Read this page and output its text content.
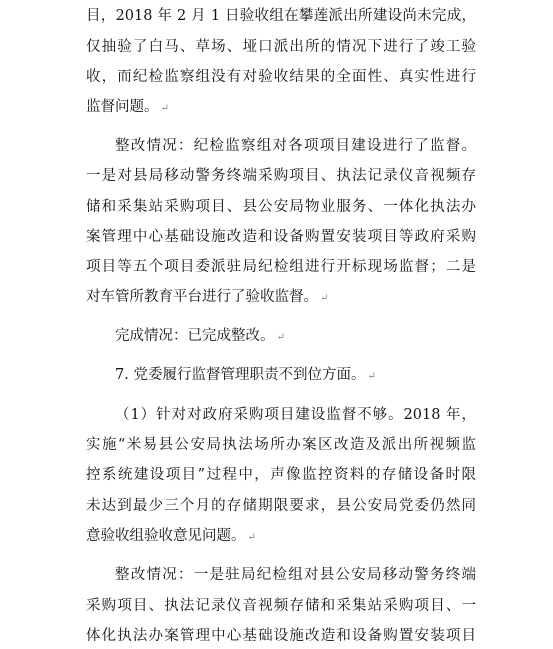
目，2018 年 2 月 1 日验收组在攀莲派出所建设尚未完成，
仅抽验了白马、草场、垭口派出所的情况下进行了竣工验
收，而纪检监察组没有对验收结果的全面性、真实性进行
监督问题。 ↵
整改情况：纪检监察组对各项项目建设进行了监督。
一是对县局移动警务终端采购项目、执法记录仪音视频存
储和采集站采购项目、县公安局物业服务、一体化执法办
案管理中心基础设施改造和设备购置安装项目等政府采购
项目等五个项目委派驻局纪检组进行开标现场监督；二是
对车管所教育平台进行了验收监督。 ↵
完成情况：已完成整改。 ↵
7. 党委履行监督管理职责不到位方面。 ↵
（1）针对对政府采购项目建设监督不够。2018 年，
实施“米易县公安局执法场所办案区改造及派出所视频监
控系统建设项目”过程中，声像监控资料的存储设备时限
未达到最少三个月的存储期限要求，县公安局党委仍然同
意验收组验收意见问题。 ↵
整改情况：一是驻局纪检组对县公安局移动警务终端
采购项目、执法记录仪音视频存储和采集站采购项目、一
体化执法办案管理中心基础设施改造和设备购置安装项目
